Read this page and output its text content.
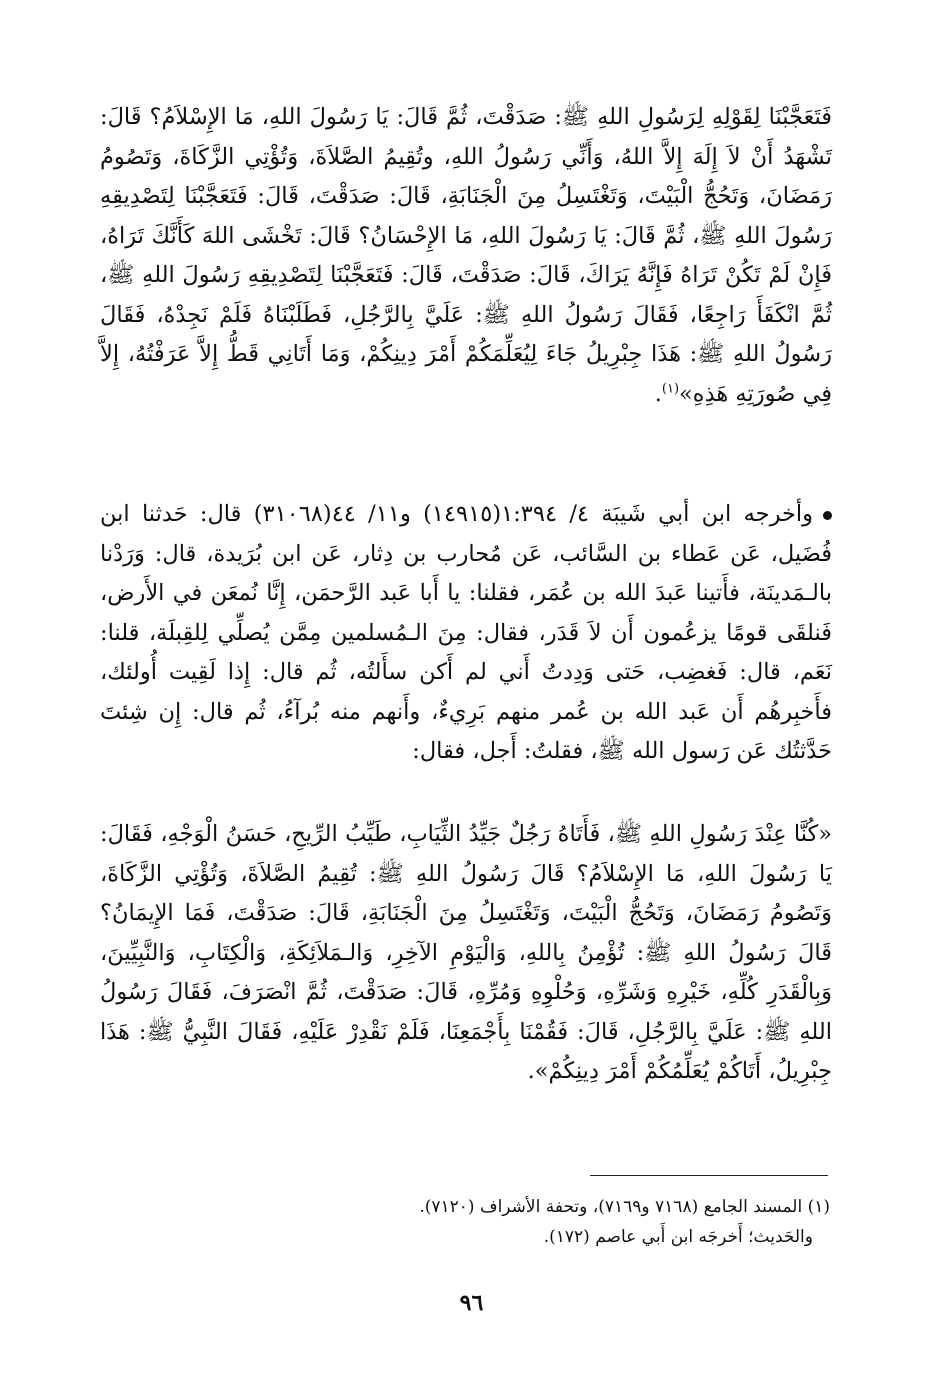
فَتَعَجَّبْنَا لِقَوْلِهِ لِرَسُولِ اللهِ ﷺ: صَدَقْتَ، ثُمَّ قَالَ: يَا رَسُولَ اللهِ، مَا الإِسْلاَمُ؟ قَالَ: تَشْهَدُ أَنْ لاَ إِلَهَ إِلاَّ اللهُ، وَأَنِّي رَسُولُ اللهِ، وتُقِيمُ الصَّلاَةَ، وَتُؤْتِي الزَّكَاةَ، وَتَصُومُ رَمَضَانَ، وَتَحُجُّ الْبَيْتَ، وَتَغْتَسِلُ مِنَ الْجَنَابَةِ، قَالَ: صَدَقْتَ، قَالَ: فَتَعَجَّبْنَا لِتَصْدِيقِهِ رَسُولَ اللهِ ﷺ، ثُمَّ قَالَ: يَا رَسُولَ اللهِ، مَا الإِحْسَانُ؟ قَالَ: تَخْشَى اللهَ كَأَنَّكَ تَرَاهُ، فَإِنْ لَمْ تَكُنْ تَرَاهُ فَإِنَّهُ يَرَاكَ، قَالَ: صَدَقْتَ، قَالَ: فَتَعَجَّبْنَا لِتَصْدِيقِهِ رَسُولَ اللهِ ﷺ، ثُمَّ انْكَفَأَ رَاجِعًا، فَقَالَ رَسُولُ اللهِ ﷺ: عَلَيَّ بِالرَّجُلِ، فَطَلَبْنَاهُ فَلَمْ نَجِدْهُ، فَقَالَ رَسُولُ اللهِ ﷺ: هَذَا جِبْرِيلُ جَاءَ لِيُعَلِّمَكُمْ أَمْرَ دِينِكُمْ، وَمَا أَتَانِي قَطُّ إِلاَّ عَرَفْتُهُ، إِلاَّ فِي صُورَتِهِ هَذِهِ»$^{(١)}$.

وأخرجه ابن أبي شَيبَة ٤/ ١:٣٩٤(١٤٩١٥) و١١/ ٤٤(٣١٠٦٨) قال: حَدثنا ابن فُضَيل، عَن عَطاء بن السَّائب، عَن مُحارب بن دِثار، عَن ابن بُرَيدة، قال: وَرَدْنا بالـمَدينَة، فأَتينا عَبدَ الله بن عُمَر، فقلنا: يا أَبا عَبد الرَّحمَن، إِنَّا نُمعَن في الأَرض، فَنلقَى قومًا يزعُمون أَن لاَ قَدَر، فقال: مِنَ الـمُسلمين مِمَّن يُصلِّي لِلقِبلَة، قلنا: نَعَم، قال: فَغضِب، حَتى وَدِدتُ أَني لم أَكن سأَلتُه، ثُم قال: إِذا لَقِيت أُولئك، فأَخبِرهُم أَن عَبد الله بن عُمر منهم بَرِيءٌ، وأَنهم منه بُرآءُ، ثُم قال: إِن شِئتَ حَدَّثتُك عَن رَسول الله ﷺ، فقلتُ: أَجل، فقال:

«كُنَّا عِنْدَ رَسُولِ اللهِ ﷺ، فَأَتَاهُ رَجُلٌ جَيِّدُ الثِّيَابِ، طَيِّبُ الرِّيحِ، حَسَنُ الْوَجْهِ، فَقَالَ: يَا رَسُولَ اللهِ، مَا الإِسْلاَمُ؟ قَالَ رَسُولُ اللهِ ﷺ: تُقِيمُ الصَّلاَةَ، وَتُؤْتِي الزَّكَاةَ، وَتَصُومُ رَمَضَانَ، وَتَحُجُّ الْبَيْتَ، وَتَغْتَسِلُ مِنَ الْجَنَابَةِ، قَالَ: صَدَقْتَ، فَمَا الإِيمَانُ؟ قَالَ رَسُولُ اللهِ ﷺ: تُؤْمِنُ بِاللهِ، وَالْيَوْمِ الآخِرِ، وَالـمَلاَئِكَةِ، وَالْكِتَابِ، وَالنَّبِيِّينَ، وَبِالْقَدَرِ كُلِّهِ، خَيْرِهِ وَشَرِّهِ، وَحُلْوِهِ وَمُرِّهِ، قَالَ: صَدَقْتَ، ثُمَّ انْصَرَفَ، فَقَالَ رَسُولُ اللهِ ﷺ: عَلَيَّ بِالرَّجُلِ، قَالَ: فَقُمْنَا بِأَجْمَعِنَا، فَلَمْ نَقْدِرْ عَلَيْهِ، فَقَالَ النَّبِيُّ ﷺ: هَذَا جِبْرِيلُ، أَتَاكُمْ يُعَلِّمُكُمْ أَمْرَ دِينِكُمْ».

(١) المسند الجامع (٧١٦٨ و٧١٦٩)، وتحفة الأشراف (٧١٢٠).

والحَديث؛ أَخرجَه ابن أَبي عاصم (١٧٢).

٩٦
